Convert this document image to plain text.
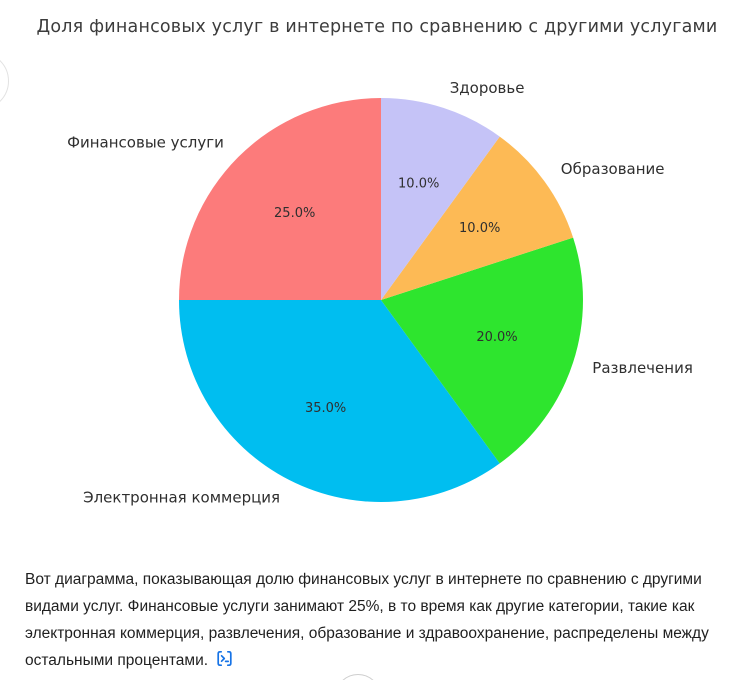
Доля финансовых услуг в интернете по сравнению с другими услугами
25.0%
Финансовые услуги
35.0%
Электронная коммерция
20.0%
Развлечения
10.0%
Образование
10.0%
Здоровье
Вот диаграмма, показывающая долю финансовых услуг в интернете по сравнению с другими видами услуг. Финансовые услуги занимают 25%, в то время как другие категории, такие как электронная коммерция, развлечения, образование и здравоохранение, распределены между остальными процентами.
